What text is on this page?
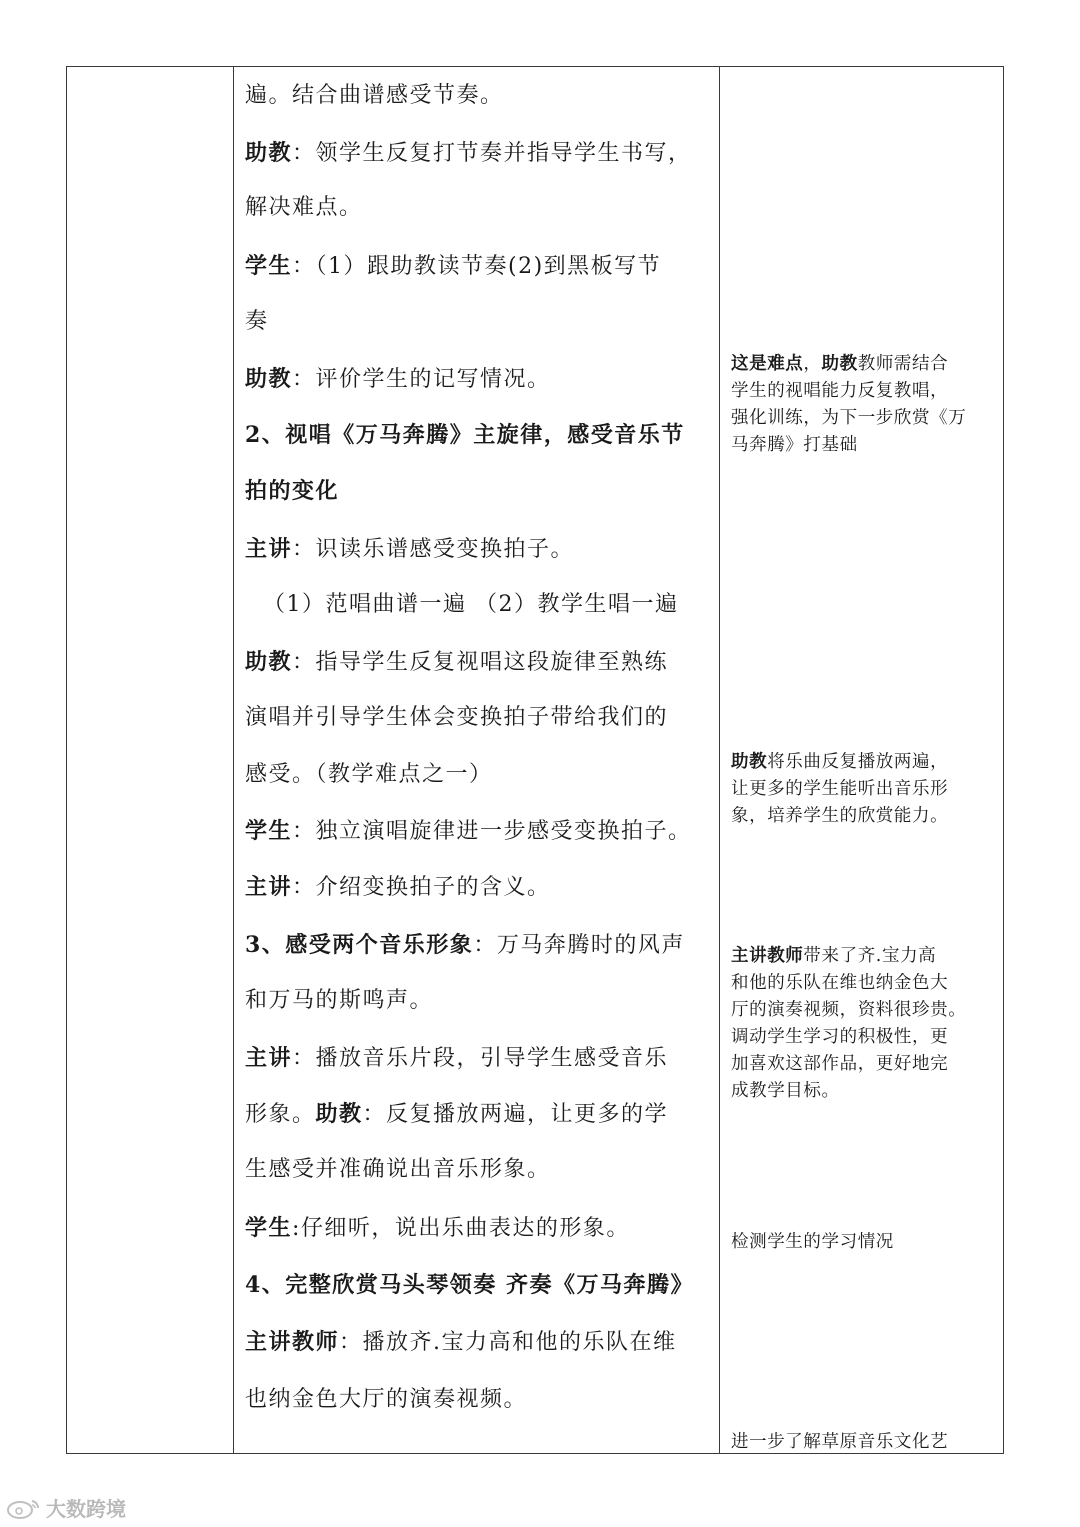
遍。结合曲谱感受节奏。
助教：领学生反复打节奏并指导学生书写，
解决难点。
学生：（1）跟助教读节奏(2)到黑板写节
奏
助教：评价学生的记写情况。
2、视唱《万马奔腾》主旋律，感受音乐节
拍的变化
主讲：识读乐谱感受变换拍子。
（1）范唱曲谱一遍 （2）教学生唱一遍
助教：指导学生反复视唱这段旋律至熟练
演唱并引导学生体会变换拍子带给我们的
感受。（教学难点之一）
学生：独立演唱旋律进一步感受变换拍子。
主讲：介绍变换拍子的含义。
3、感受两个音乐形象：万马奔腾时的风声
和万马的斯鸣声。
主讲：播放音乐片段，引导学生感受音乐
形象。助教：反复播放两遍，让更多的学
生感受并准确说出音乐形象。
学生:仔细听，说出乐曲表达的形象。
4、完整欣赏马头琴领奏 齐奏《万马奔腾》
主讲教师：播放齐.宝力高和他的乐队在维
也纳金色大厅的演奏视频。
这是难点，助教教师需结合
学生的视唱能力反复教唱，
强化训练，为下一步欣赏《万
马奔腾》打基础
助教将乐曲反复播放两遍，
让更多的学生能听出音乐形
象，培养学生的欣赏能力。
主讲教师带来了齐.宝力高
和他的乐队在维也纳金色大
厅的演奏视频，资料很珍贵。
调动学生学习的积极性，更
加喜欢这部作品，更好地完
成教学目标。
检测学生的学习情况
进一步了解草原音乐文化艺
大数跨境
